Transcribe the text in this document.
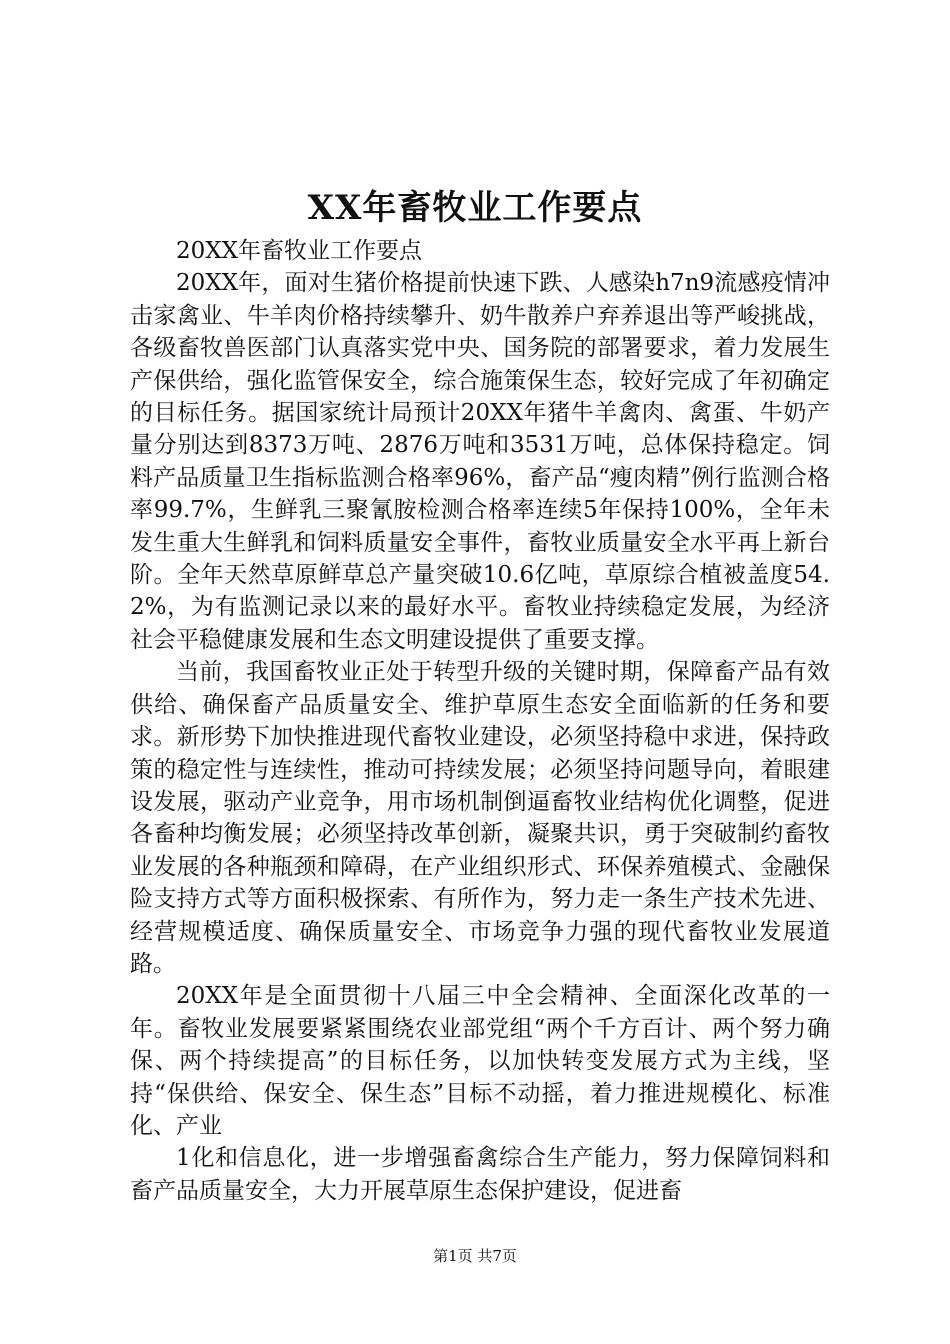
XX年畜牧业工作要点

20XX年畜牧业工作要点

20XX年，面对生猪价格提前快速下跌、人感染h7n9流感疫情冲击家禽业、牛羊肉价格持续攀升、奶牛散养户弃养退出等严峻挑战，各级畜牧兽医部门认真落实党中央、国务院的部署要求，着力发展生产保供给，强化监管保安全，综合施策保生态，较好完成了年初确定的目标任务。据国家统计局预计20XX年猪牛羊禽肉、禽蛋、牛奶产量分别达到8373万吨、2876万吨和3531万吨，总体保持稳定。饲料产品质量卫生指标监测合格率96%，畜产品“瘦肉精”例行监测合格率99.7%，生鲜乳三聚氰胺检测合格率连续5年保持100%，全年未发生重大生鲜乳和饲料质量安全事件，畜牧业质量安全水平再上新台阶。全年天然草原鲜草总产量突破10.6亿吨，草原综合植被盖度54.2%，为有监测记录以来的最好水平。畜牧业持续稳定发展，为经济社会平稳健康发展和生态文明建设提供了重要支撑。

当前，我国畜牧业正处于转型升级的关键时期，保障畜产品有效供给、确保畜产品质量安全、维护草原生态安全面临新的任务和要求。新形势下加快推进现代畜牧业建设，必须坚持稳中求进，保持政策的稳定性与连续性，推动可持续发展；必须坚持问题导向，着眼建设发展，驱动产业竞争，用市场机制倒逼畜牧业结构优化调整，促进各畜种均衡发展；必须坚持改革创新，凝聚共识，勇于突破制约畜牧业发展的各种瓶颈和障碍，在产业组织形式、环保养殖模式、金融保险支持方式等方面积极探索、有所作为，努力走一条生产技术先进、经营规模适度、确保质量安全、市场竞争力强的现代畜牧业发展道路。

20XX年是全面贯彻十八届三中全会精神、全面深化改革的一年。畜牧业发展要紧紧围绕农业部党组“两个千方百计、两个努力确保、两个持续提高”的目标任务，以加快转变发展方式为主线，坚持“保供给、保安全、保生态”目标不动摇，着力推进规模化、标准化、产业

1化和信息化，进一步增强畜禽综合生产能力，努力保障饲料和畜产品质量安全，大力开展草原生态保护建设，促进畜

第1页 共7页
